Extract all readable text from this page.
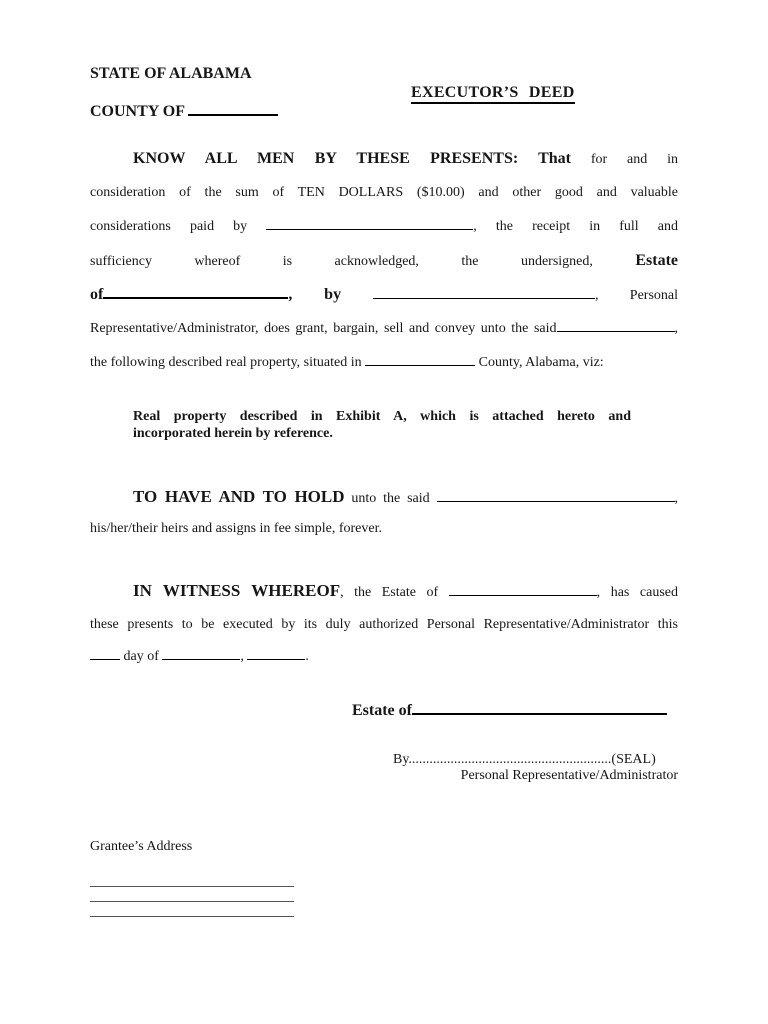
STATE OF ALABAMA
EXECUTOR’S DEED
COUNTY OF
KNOW ALL MEN BY THESE PRESENTS: That for and in
consideration of the sum of TEN DOLLARS ($10.00) and other good and valuable
considerations paid by	, the receipt in full and
sufficiency whereof is acknowledged, the undersigned,	Estate
of	, by	, Personal
Representative/Administrator, does grant, bargain, sell and convey unto the said	,
the following described real property, situated in	County, Alabama, viz:
Real property described in Exhibit A, which is attached hereto and
incorporated herein by reference.
TO HAVE AND TO HOLD unto the said	,
his/her/their heirs and assigns in fee simple, forever.
IN WITNESS WHEREOF, the Estate of	, has caused
these presents to be executed by its duly authorized Personal Representative/Administrator this
day of	,	.
Estate of
By..........................................................(SEAL)
Personal Representative/Administrator
Grantee’s Address
